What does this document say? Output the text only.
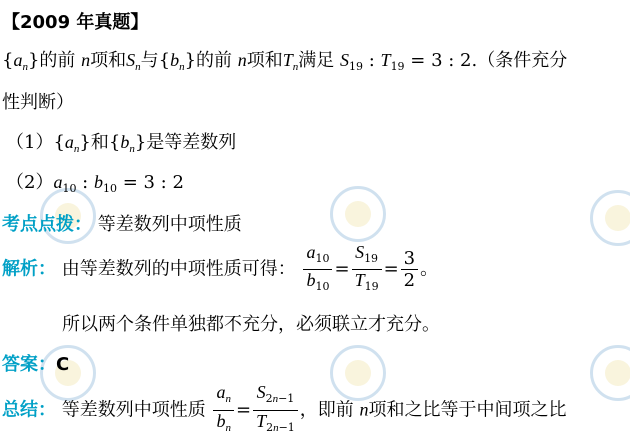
【2009 年真题】
$\{a_n\}$的前 n项和$S_n$与$\{b_n\}$的前 n项和$T_n$满足 $S_{19}$ : $T_{19} = 3$ : 2.（条件充分
性判断）
$(1)\{a_n\}$和$\{b_n\}$是等差数列
$(2)a_{10}$ : $b_{10} = 3$ : 2
考点点拨： 等差数列中项性质
解析： 由等差数列的中项性质可得： $\frac{a_{10}}{b_{10}} = \frac{S_{19}}{T_{19}} = \frac{3}{2}$ 。
所以两个条件单独都不充分，必须联立才充分。
答案：C
总结： 等差数列中项性质 $\frac{a_n}{b_n} = \frac{S_{2n-1}}{T_{2n-1}}$ ，即前 n项和之比等于中间项之比
